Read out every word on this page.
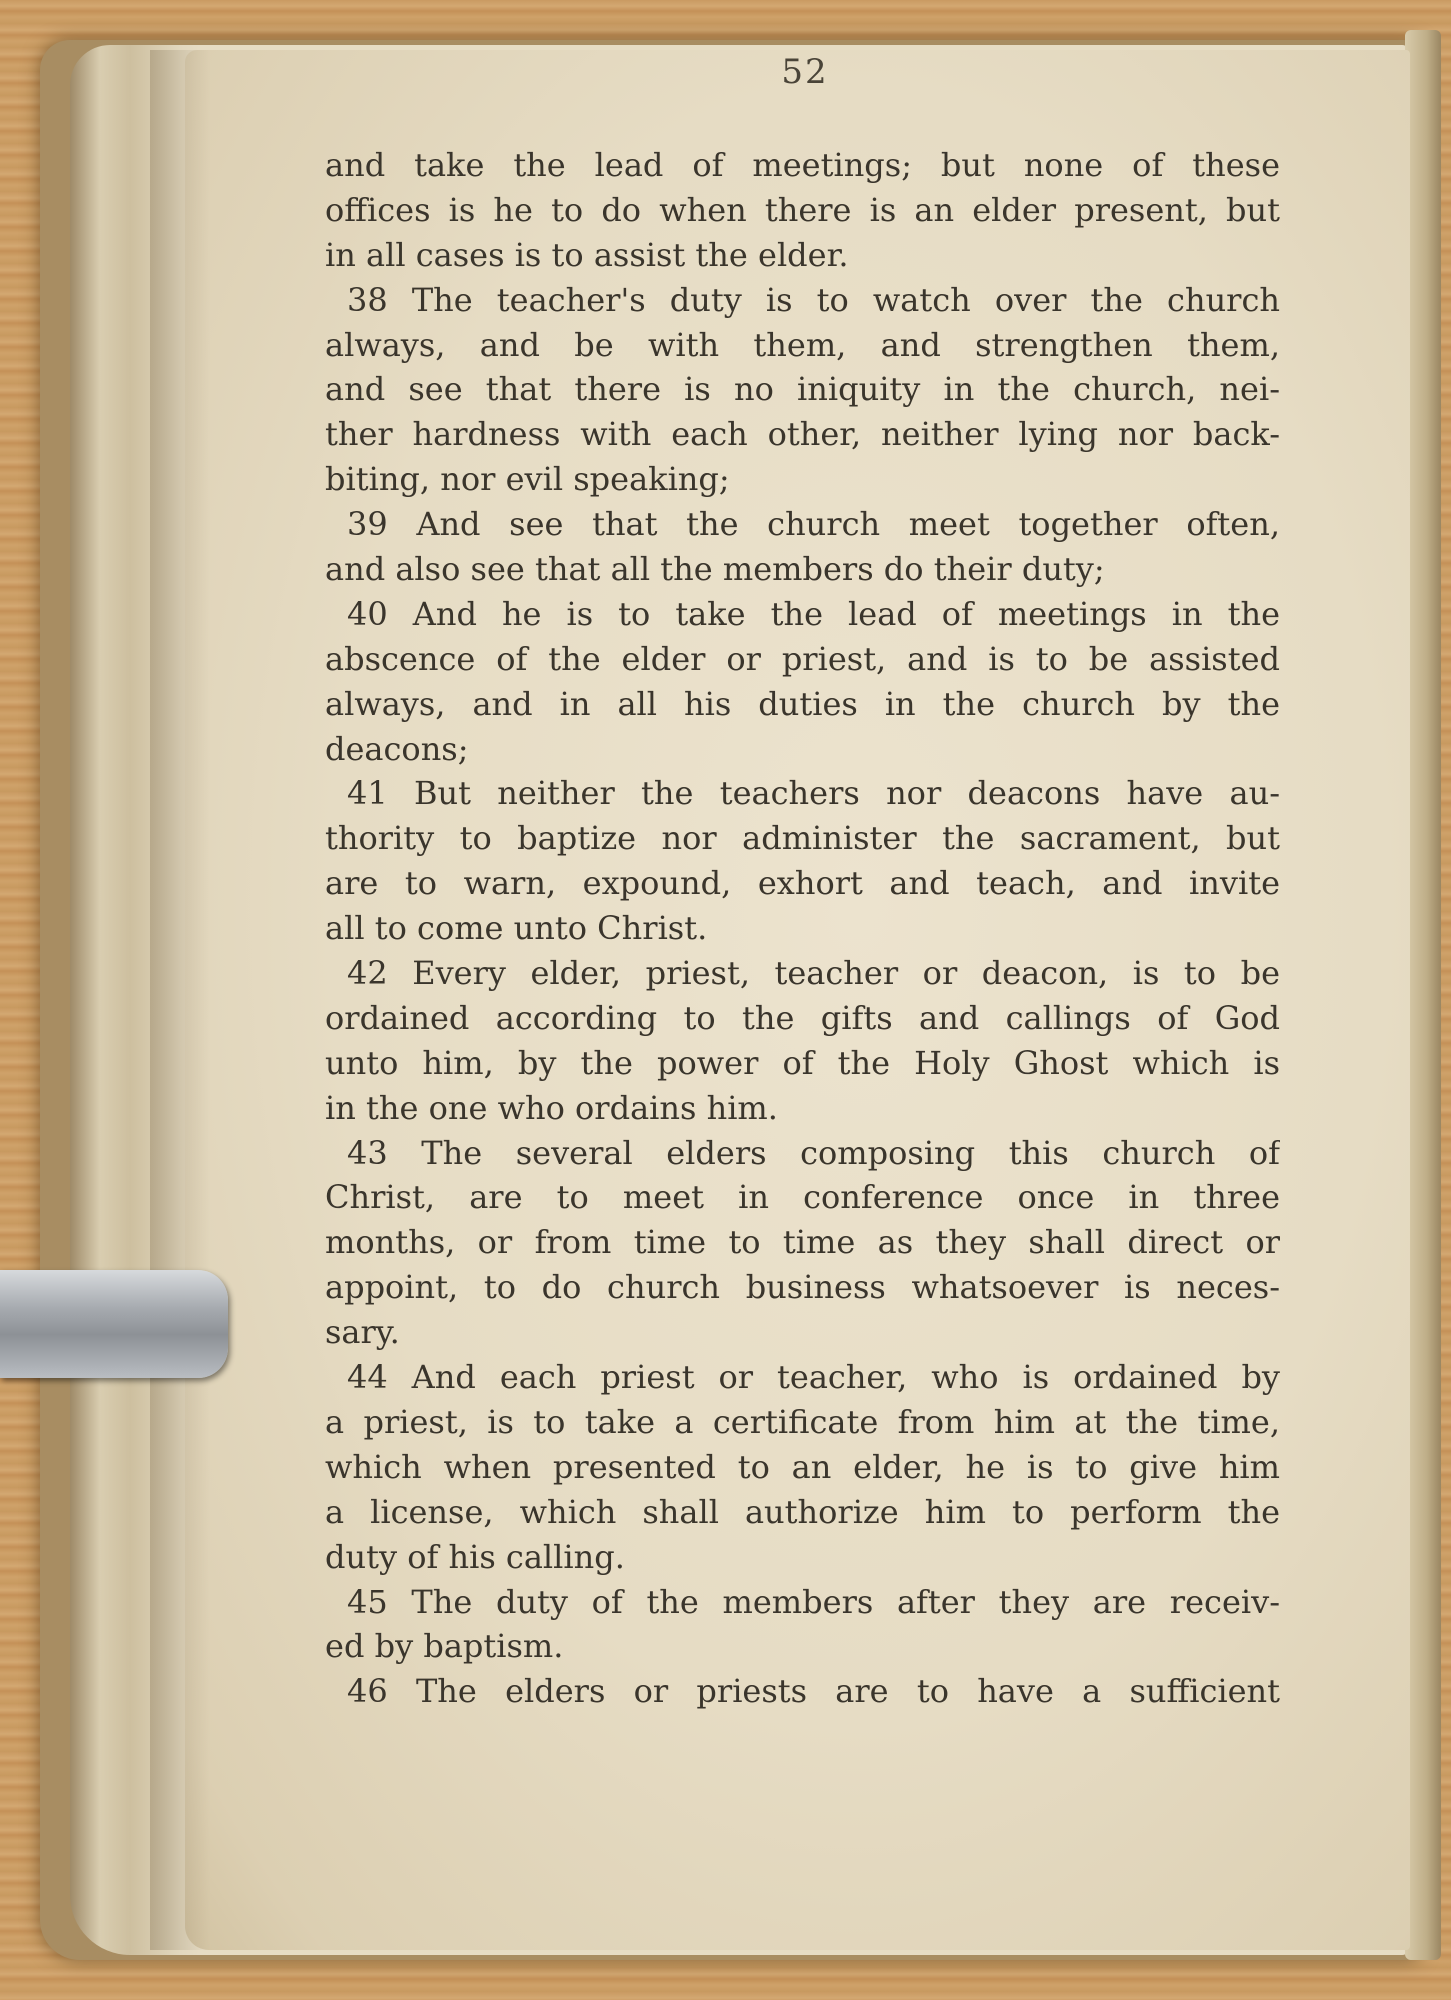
52
and take the lead of meetings; but none of these
offices is he to do when there is an elder present, but
in all cases is to assist the elder.
38 The teacher's duty is to watch over the church
always, and be with them, and strengthen them,
and see that there is no iniquity in the church, nei-
ther hardness with each other, neither lying nor back-
biting, nor evil speaking;
39 And see that the church meet together often,
and also see that all the members do their duty;
40 And he is to take the lead of meetings in the
abscence of the elder or priest, and is to be assisted
always, and in all his duties in the church by the
deacons;
41 But neither the teachers nor deacons have au-
thority to baptize nor administer the sacrament, but
are to warn, expound, exhort and teach, and invite
all to come unto Christ.
42 Every elder, priest, teacher or deacon, is to be
ordained according to the gifts and callings of God
unto him, by the power of the Holy Ghost which is
in the one who ordains him.
43 The several elders composing this church of
Christ, are to meet in conference once in three
months, or from time to time as they shall direct or
appoint, to do church business whatsoever is neces-
sary.
44 And each priest or teacher, who is ordained by
a priest, is to take a certificate from him at the time,
which when presented to an elder, he is to give him
a license, which shall authorize him to perform the
duty of his calling.
45 The duty of the members after they are receiv-
ed by baptism.
46 The elders or priests are to have a sufficient
